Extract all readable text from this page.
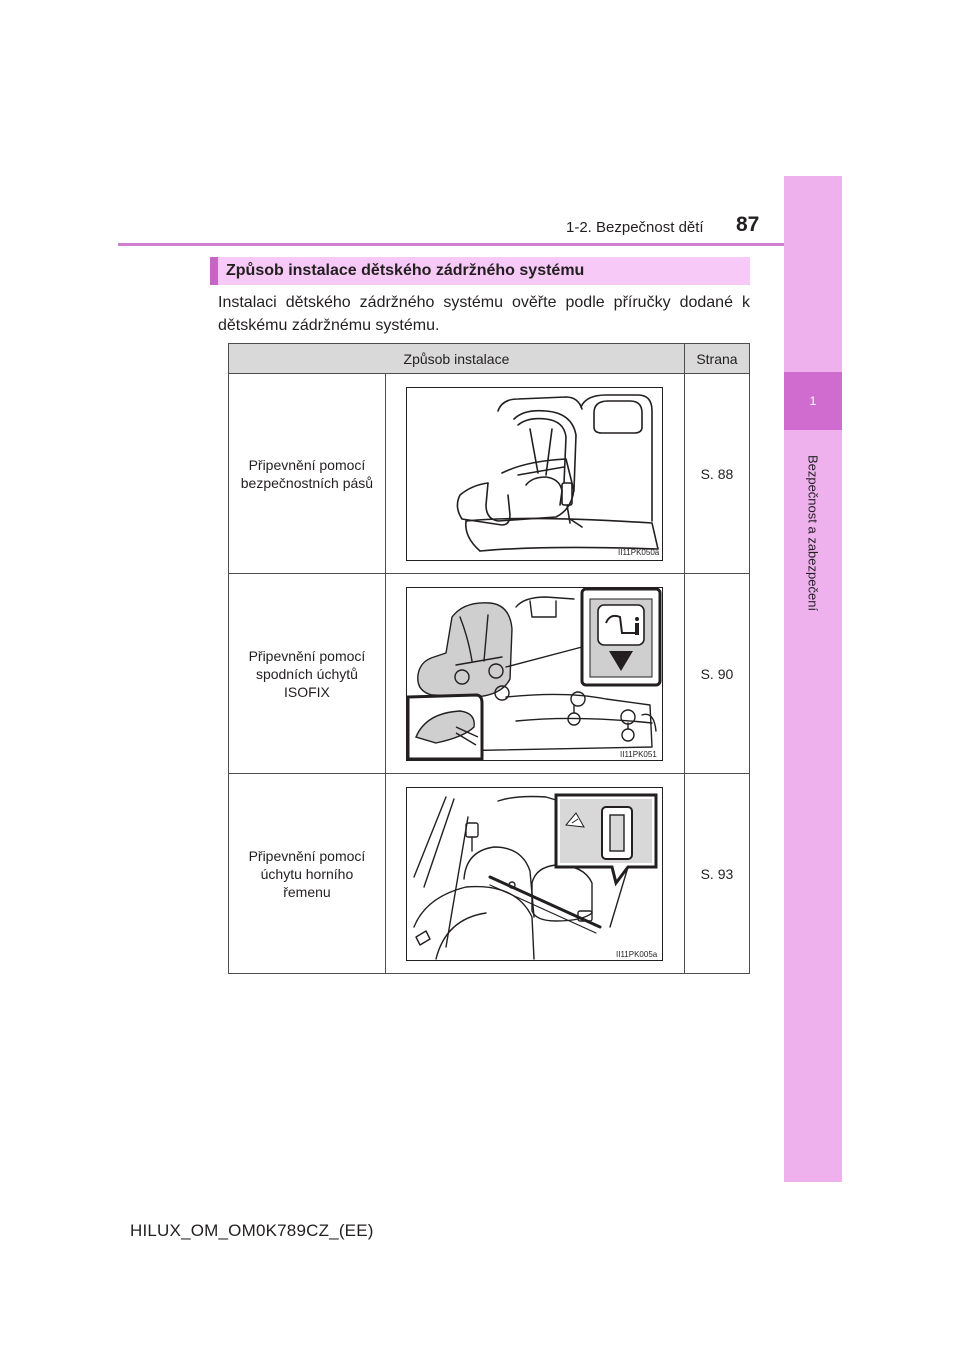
1
Bezpečnost a zabezpečení
1-2. Bezpečnost dětí 87
Způsob instalace dětského zádržného systému
Instalaci dětského zádržného systému ověřte podle příručky dodané k dětskému zádržnému systému.
Způsob instalace		Strana
Připevnění pomocí bezpečnostních pásů	II11PK050a	S. 88
Připevnění pomocí spodních úchytů ISOFIX	II11PK051	S. 90
Připevnění pomocí úchytu horního řemenu	II11PK005a	S. 93
HILUX_OM_OM0K789CZ_(EE)
